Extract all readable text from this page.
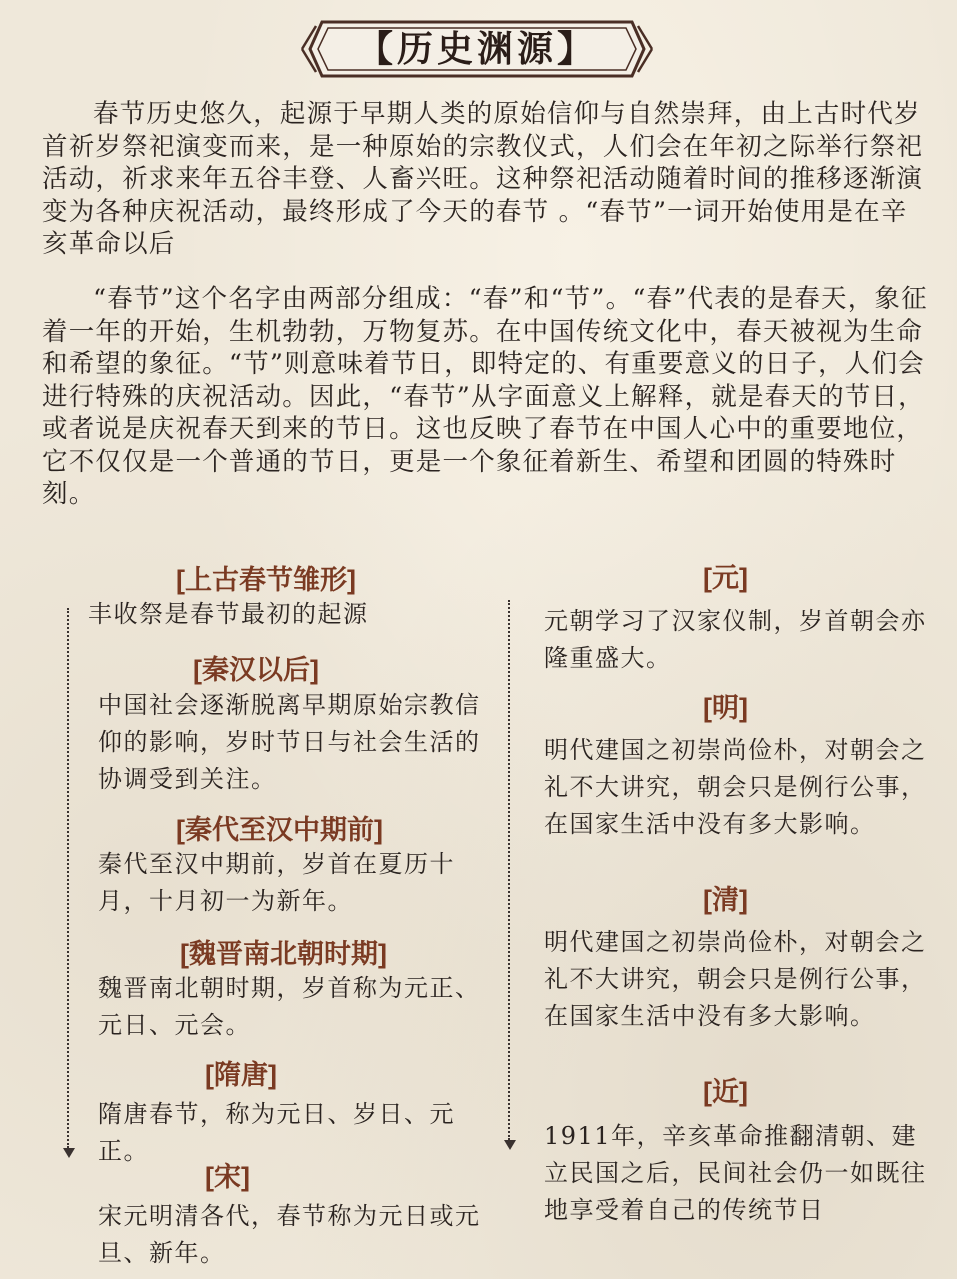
【历史渊源】

春节历史悠久，起源于早期人类的原始信仰与自然崇拜，由上古时代岁首祈岁祭祀演变而来，是一种原始的宗教仪式，人们会在年初之际举行祭祀活动，祈求来年五谷丰登、人畜兴旺。这种祭祀活动随着时间的推移逐渐演变为各种庆祝活动，最终形成了今天的春节 。“春节”一词开始使用是在辛亥革命以后

“春节”这个名字由两部分组成：“春”和“节”。“春”代表的是春天，象征着一年的开始，生机勃勃，万物复苏。在中国传统文化中，春天被视为生命和希望的象征。“节”则意味着节日，即特定的、有重要意义的日子，人们会进行特殊的庆祝活动。因此，“春节”从字面意义上解释，就是春天的节日，或者说是庆祝春天到来的节日。这也反映了春节在中国人心中的重要地位，它不仅仅是一个普通的节日，更是一个象征着新生、希望和团圆的特殊时刻。

[上古春节雏形]

丰收祭是春节最初的起源

[秦汉以后]

中国社会逐渐脱离早期原始宗教信仰的影响，岁时节日与社会生活的协调受到关注。

[秦代至汉中期前]

秦代至汉中期前，岁首在夏历十月，十月初一为新年。

[魏晋南北朝时期]

魏晋南北朝时期，岁首称为元正、元日、元会。

[隋唐]

隋唐春节，称为元日、岁日、元正。

[宋]

宋元明清各代，春节称为元日或元旦、新年。

[元]

元朝学习了汉家仪制，岁首朝会亦隆重盛大。

[明]

明代建国之初崇尚俭朴，对朝会之礼不大讲究，朝会只是例行公事，在国家生活中没有多大影响。

[清]

明代建国之初崇尚俭朴，对朝会之礼不大讲究，朝会只是例行公事，在国家生活中没有多大影响。

[近]

1911年，辛亥革命推翻清朝、建立民国之后，民间社会仍一如既往地享受着自己的传统节日
